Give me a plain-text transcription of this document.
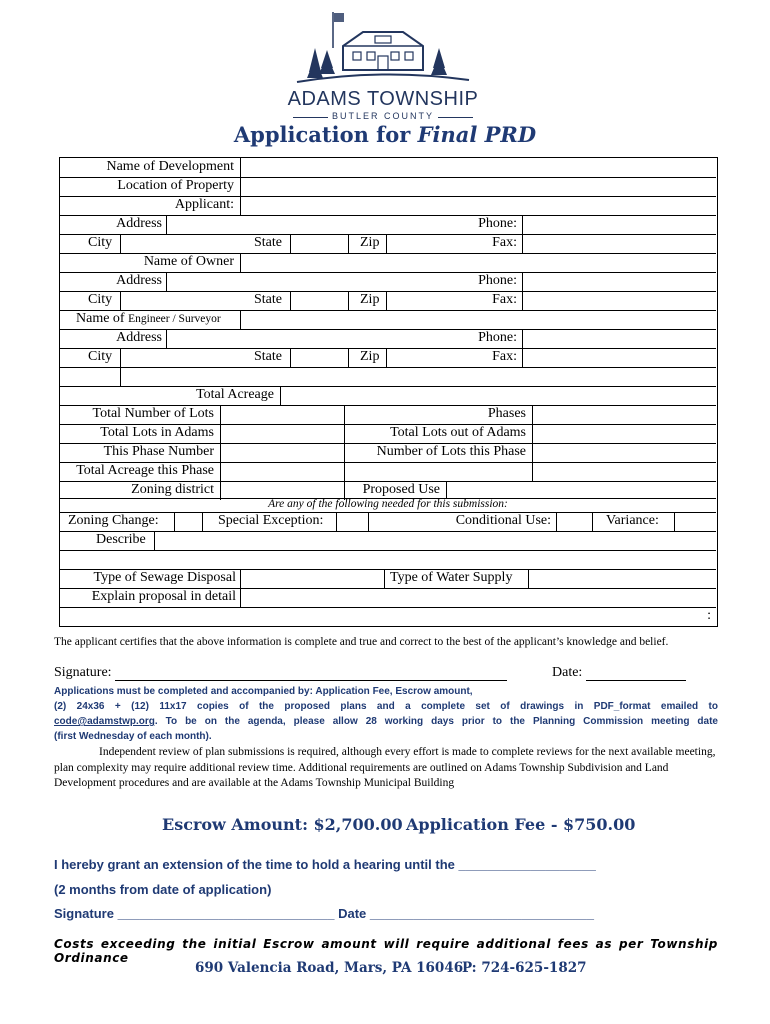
ADAMS TOWNSHIP
BUTLER COUNTY
Application for Final PRD
Name of Development
Location of Property
Applicant:
Address	Phone:
City	State	Zip	Fax:
Name of Owner
Address	Phone:
City	State	Zip	Fax:
Name of Engineer / Surveyor
Address	Phone:
City	State	Zip	Fax:
Total Acreage
Total Number of Lots	Phases
Total Lots in Adams	Total Lots out of Adams
This Phase Number	Number of Lots this Phase
Total Acreage this Phase
Zoning district	Proposed Use
Are any of the following needed for this submission:
Zoning Change:	Special Exception:	Conditional Use:	Variance:
Describe
Type of Sewage Disposal	Type of Water Supply
Explain proposal in detail
:
The applicant certifies that the above information is complete and true and correct to the best of the applicant’s knowledge and belief.
Signature:	Date:
Applications must be completed and accompanied by: Application Fee, Escrow amount,
(2) 24x36 + (12) 11x17 copies of the proposed plans and a complete set of drawings in PDF_format emailed to
code@adamstwp.org. To be on the agenda, please allow 28 working days prior to the Planning Commission meeting date
(first Wednesday of each month).
Independent review of plan submissions is required, although every effort is made to complete reviews for the next available meeting, plan complexity may require additional review time. Additional requirements are outlined on Adams Township Subdivision and Land Development procedures and are available at the Adams Township Municipal Building
Escrow Amount: $2,700.00 Application Fee - $750.00
I hereby grant an extension of the time to hold a hearing until the ___________________
(2 months from date of application)
Signature ______________________________ Date _______________________________
Costs exceeding the initial Escrow amount will require additional fees as per Township Ordinance
690 Valencia Road, Mars, PA 16046
P: 724-625-1827
